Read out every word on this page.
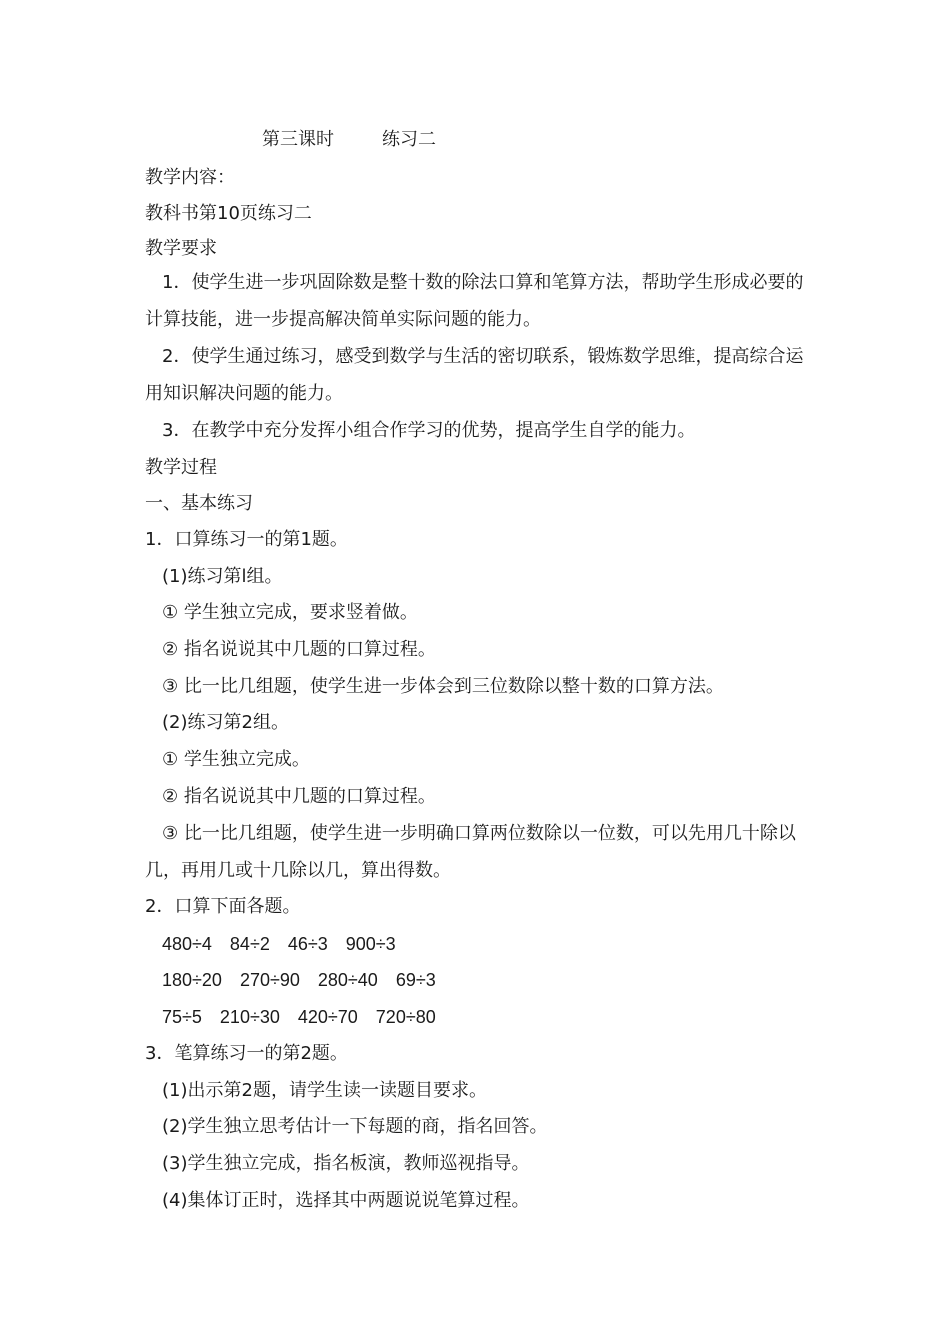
第三课时	练习二
教学内容：
教科书第10页练习二
教学要求
1．使学生进一步巩固除数是整十数的除法口算和笔算方法，帮助学生形成必要的计算技能，进一步提高解决简单实际问题的能力。
2．使学生通过练习，感受到数学与生活的密切联系，锻炼数学思维，提高综合运用知识解决问题的能力。
3．在教学中充分发挥小组合作学习的优势，提高学生自学的能力。
教学过程
一、基本练习
1．口算练习一的第1题。
(1)练习第l组。
① 学生独立完成，要求竖着做。
② 指名说说其中几题的口算过程。
③ 比一比几组题，使学生进一步体会到三位数除以整十数的口算方法。
(2)练习第2组。
① 学生独立完成。
② 指名说说其中几题的口算过程。
③ 比一比几组题，使学生进一步明确口算两位数除以一位数，可以先用几十除以几，再用几或十几除以几，算出得数。
2．口算下面各题。
480÷4 84÷2 46÷3 900÷3
180÷20 270÷90 280÷40 69÷3
75÷5 210÷30 420÷70 720÷80
3．笔算练习一的第2题。
(1)出示第2题，请学生读一读题目要求。
(2)学生独立思考估计一下每题的商，指名回答。
(3)学生独立完成，指名板演，教师巡视指导。
(4)集体订正时，选择其中两题说说笔算过程。
